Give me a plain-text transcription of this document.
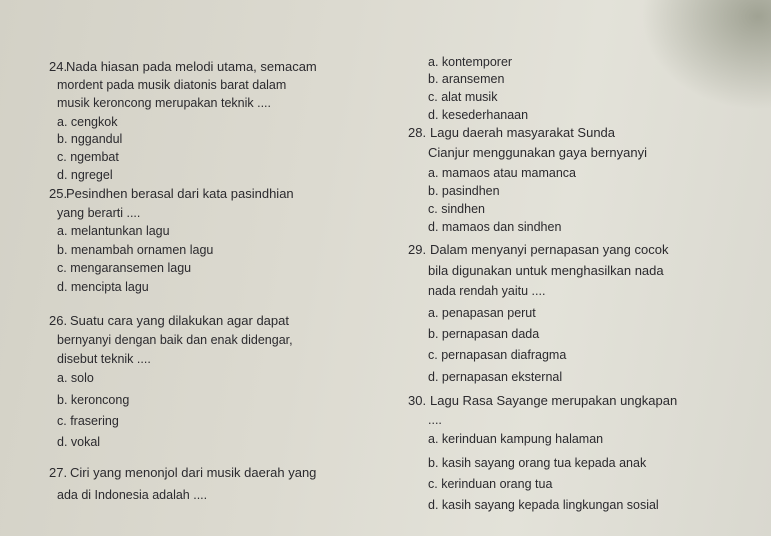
24.
Nada hiasan pada melodi utama, semacam
mordent pada musik diatonis barat dalam
musik keroncong merupakan teknik ....
a. cengkok
b. nggandul
c. ngembat
d. ngregel
25.
Pesindhen berasal dari kata pasindhian
yang berarti ....
a. melantunkan lagu
b. menambah ornamen lagu
c. mengaransemen lagu
d. mencipta lagu
26. Suatu cara yang dilakukan agar dapat
bernyanyi dengan baik dan enak didengar,
disebut teknik ....
a. solo
b. keroncong
c. frasering
d. vokal
27. Ciri yang menonjol dari musik daerah yang
ada di Indonesia adalah ....
a. kontemporer
b. aransemen
c. alat musik
d. kesederhanaan
28. Lagu daerah masyarakat Sunda
Cianjur menggunakan gaya bernyanyi
a. mamaos atau mamanca
b. pasindhen
c. sindhen
d. mamaos dan sindhen
29. Dalam menyanyi pernapasan yang cocok
bila digunakan untuk menghasilkan nada
nada rendah yaitu ....
a. penapasan perut
b. pernapasan dada
c. pernapasan diafragma
d. pernapasan eksternal
30. Lagu Rasa Sayange merupakan ungkapan
....
a. kerinduan kampung halaman
b. kasih sayang orang tua kepada anak
c. kerinduan orang tua
d. kasih sayang kepada lingkungan sosial
